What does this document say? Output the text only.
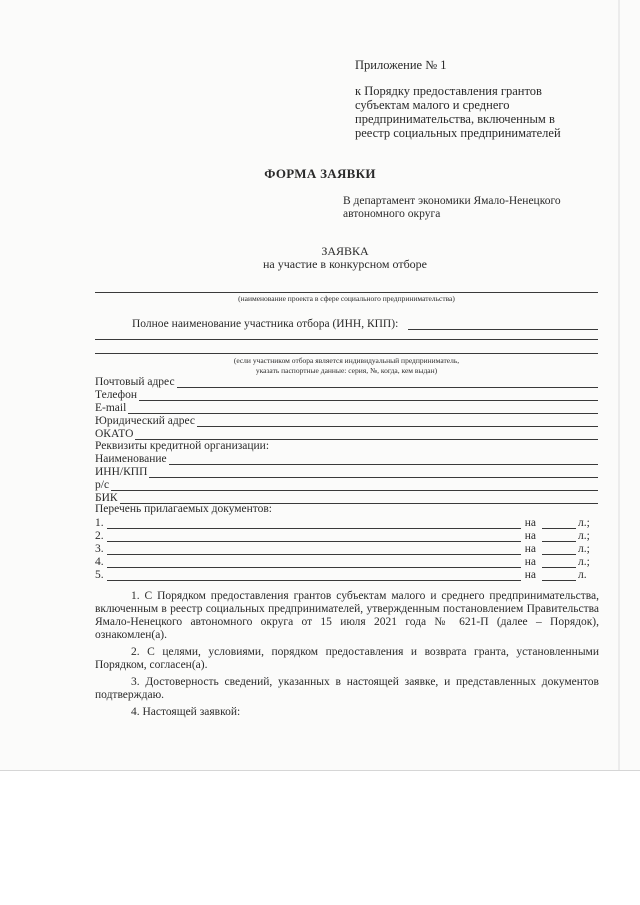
Приложение № 1
к Порядку предоставления грантов
субъектам малого и среднего
предпринимательства, включенным в
реестр социальных предпринимателей
ФОРМА ЗАЯВКИ
В департамент экономики Ямало-Ненецкого
автономного округа
ЗАЯВКА
на участие в конкурсном отборе
(наименование проекта в сфере социального предпринимательства)
Полное наименование участника отбора (ИНН, КПП):
(если участником отбора является индивидуальный предприниматель,
указать паспортные данные: серия, №, когда, кем выдан)
Почтовый адрес
Телефон
E-mail
Юридический адрес
ОКАТО
Реквизиты кредитной организации:
Наименование
ИНН/КПП
р/с
БИК
Перечень прилагаемых документов:
1.	на	л.;
2.	на	л.;
3.	на	л.;
4.	на	л.;
5.	на	л.

1. С Порядком предоставления грантов субъектам малого и среднего предпринимательства, включенным в реестр социальных предпринимателей, утвержденным постановлением Правительства Ямало-Ненецкого автономного округа от 15 июля 2021 года № 621-П (далее – Порядок), ознакомлен(а).

2. С целями, условиями, порядком предоставления и возврата гранта, установленными Порядком, согласен(а).

3. Достоверность сведений, указанных в настоящей заявке, и представленных документов подтверждаю.

4. Настоящей заявкой:
